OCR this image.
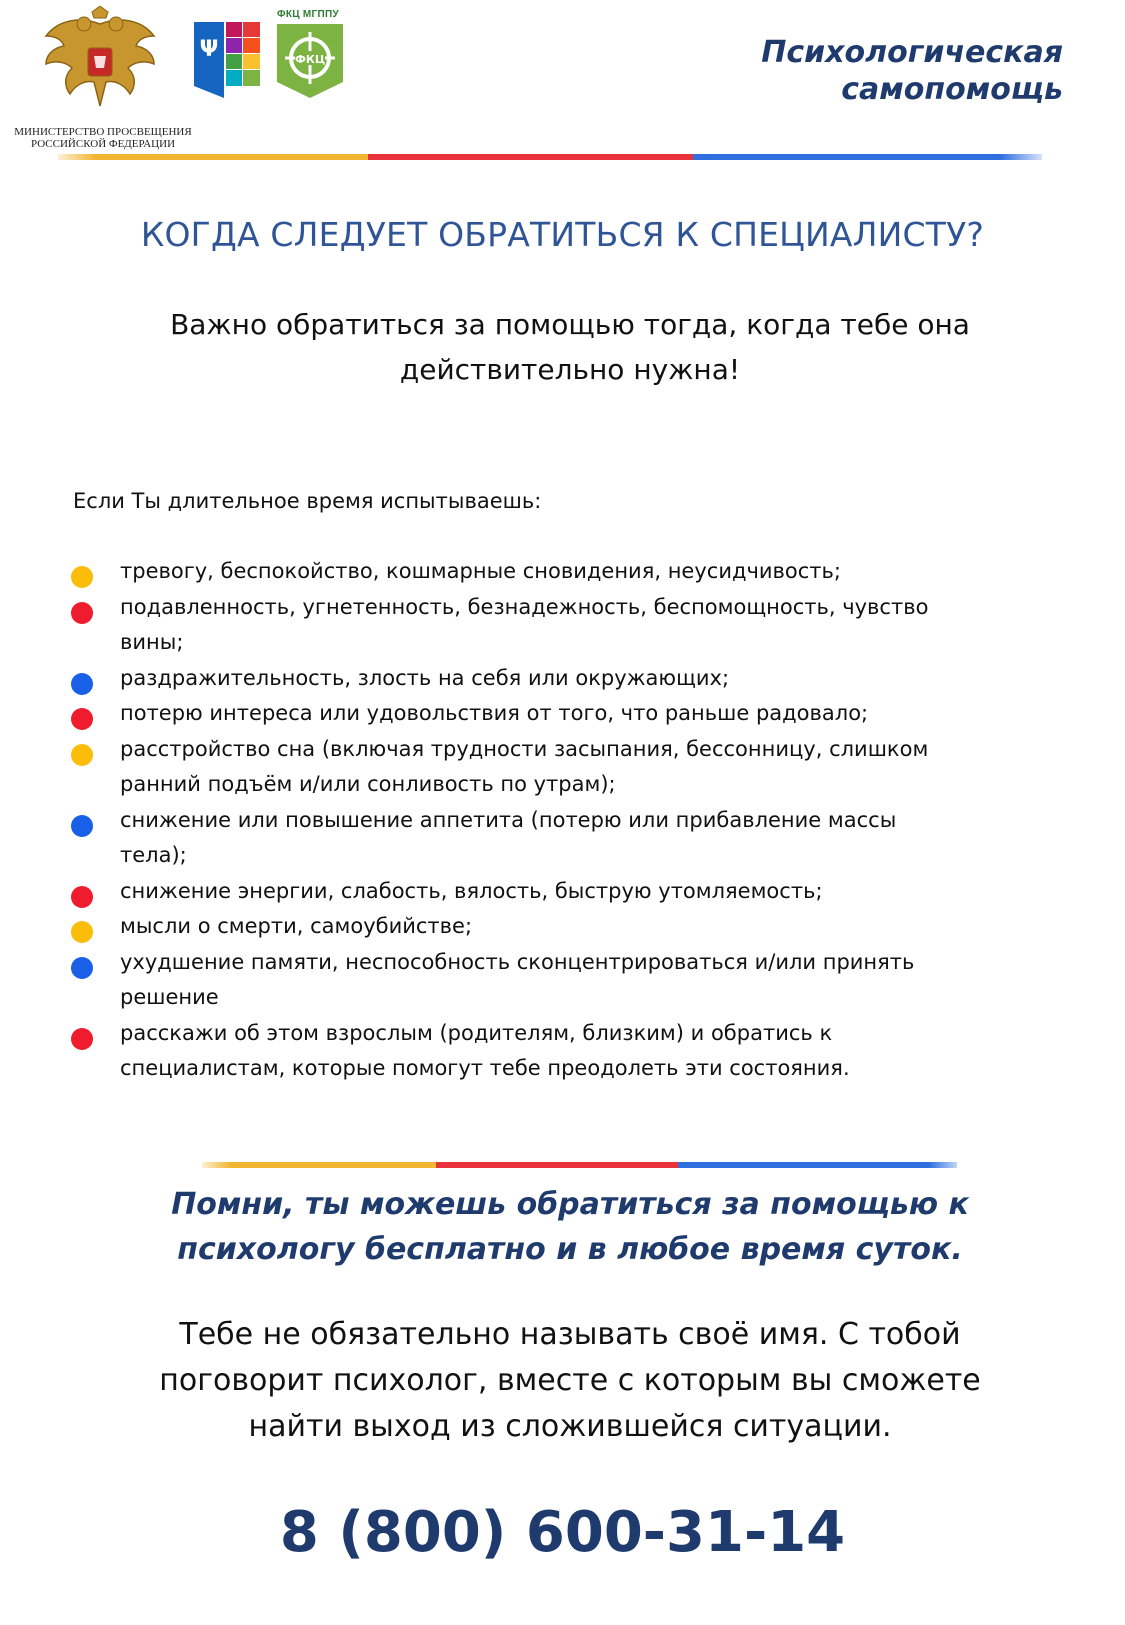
МИНИСТЕРСТВО ПРОСВЕЩЕНИЯ
РОССИЙСКОЙ ФЕДЕРАЦИИ
Ψ
ФКЦ МГППУ
ФКЦ	Психологическая
самопомощь
КОГДА СЛЕДУЕТ ОБРАТИТЬСЯ К СПЕЦИАЛИСТУ?
Важно обратиться за помощью тогда, когда тебе она
действительно нужна!
Если Ты длительное время испытываешь:
тревогу, беспокойство, кошмарные сновидения, неусидчивость;
подавленность, угнетенность, безнадежность, беспомощность, чувство
вины;
раздражительность, злость на себя или окружающих;
потерю интереса или удовольствия от того, что раньше радовало;
расстройство сна (включая трудности засыпания, бессонницу, слишком
ранний подъём и/или сонливость по утрам);
снижение или повышение аппетита (потерю или прибавление массы
тела);
снижение энергии, слабость, вялость, быструю утомляемость;
мысли о смерти, самоубийстве;
ухудшение памяти, неспособность сконцентрироваться и/или принять
решение
расскажи об этом взрослым (родителям, близким) и обратись к
специалистам, которые помогут тебе преодолеть эти состояния.
Помни, ты можешь обратиться за помощью к
психологу бесплатно и в любое время суток.
Тебе не обязательно называть своё имя. С тобой
поговорит психолог, вместе с которым вы сможете
найти выход из сложившейся ситуации.
8 (800) 600-31-14
